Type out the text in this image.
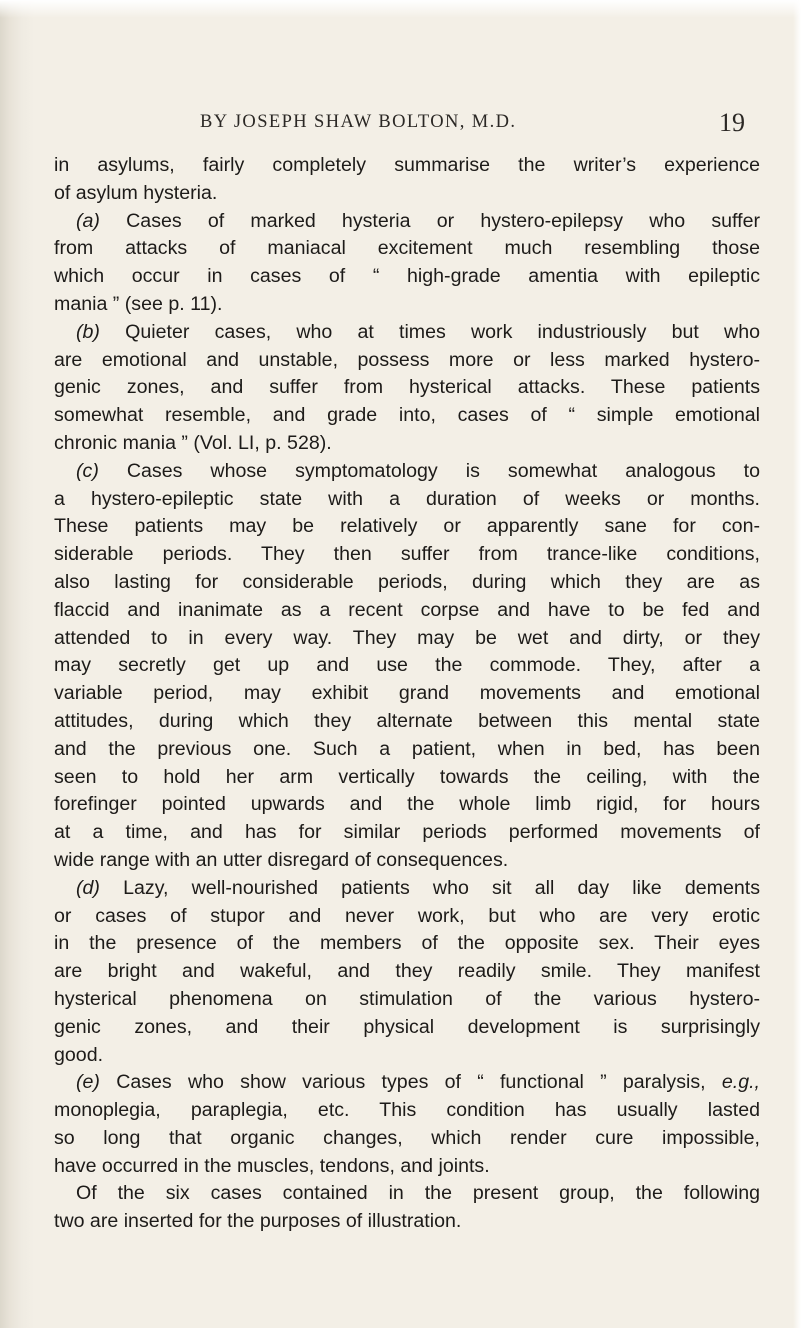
BY JOSEPH SHAW BOLTON, M.D.	19
in asylums, fairly completely summarise the writer’s experience
of asylum hysteria.
(a) Cases of marked hysteria or hystero-epilepsy who suffer
from attacks of maniacal excitement much resembling those
which occur in cases of “ high-grade amentia with epileptic
mania ” (see p. 11).
(b) Quieter cases, who at times work industriously but who
are emotional and unstable, possess more or less marked hystero-
genic zones, and suffer from hysterical attacks. These patients
somewhat resemble, and grade into, cases of “ simple emotional
chronic mania ” (Vol. LI, p. 528).
(c) Cases whose symptomatology is somewhat analogous to
a hystero-epileptic state with a duration of weeks or months.
These patients may be relatively or apparently sane for con-
siderable periods. They then suffer from trance-like conditions,
also lasting for considerable periods, during which they are as
flaccid and inanimate as a recent corpse and have to be fed and
attended to in every way. They may be wet and dirty, or they
may secretly get up and use the commode. They, after a
variable period, may exhibit grand movements and emotional
attitudes, during which they alternate between this mental state
and the previous one. Such a patient, when in bed, has been
seen to hold her arm vertically towards the ceiling, with the
forefinger pointed upwards and the whole limb rigid, for hours
at a time, and has for similar periods performed movements of
wide range with an utter disregard of consequences.
(d) Lazy, well-nourished patients who sit all day like dements
or cases of stupor and never work, but who are very erotic
in the presence of the members of the opposite sex. Their eyes
are bright and wakeful, and they readily smile. They manifest
hysterical phenomena on stimulation of the various hystero-
genic zones, and their physical development is surprisingly
good.
(e) Cases who show various types of “ functional ” paralysis, e.g.,
monoplegia, paraplegia, etc. This condition has usually lasted
so long that organic changes, which render cure impossible,
have occurred in the muscles, tendons, and joints.
Of the six cases contained in the present group, the following
two are inserted for the purposes of illustration.
